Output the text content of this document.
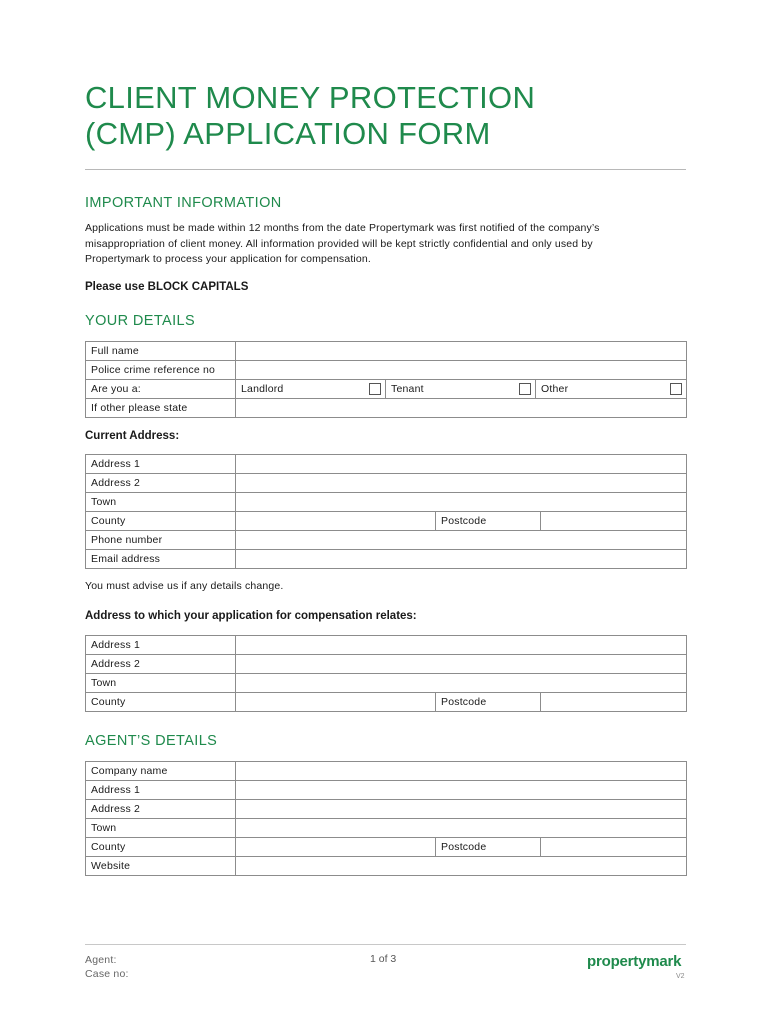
CLIENT MONEY PROTECTION
(CMP) APPLICATION FORM
IMPORTANT INFORMATION
Applications must be made within 12 months from the date Propertymark was first notified of the company’s
misappropriation of client money. All information provided will be kept strictly confidential and only used by
Propertymark to process your application for compensation.
Please use BLOCK CAPITALS
YOUR DETAILS
Full name			
Police crime reference no			
Are you a:	Landlord	Tenant	Other

If other please state			
Current Address:
Address 1			
Address 2			
Town			
County		Postcode	
Phone number			
Email address			
You must advise us if any details change.
Address to which your application for compensation relates:
Address 1			
Address 2			
Town			
County		Postcode	
AGENT’S DETAILS
Company name			
Address 1			
Address 2			
Town			
County		Postcode	
Website			
Agent:
Case no:
1 of 3	propertymark
V2
